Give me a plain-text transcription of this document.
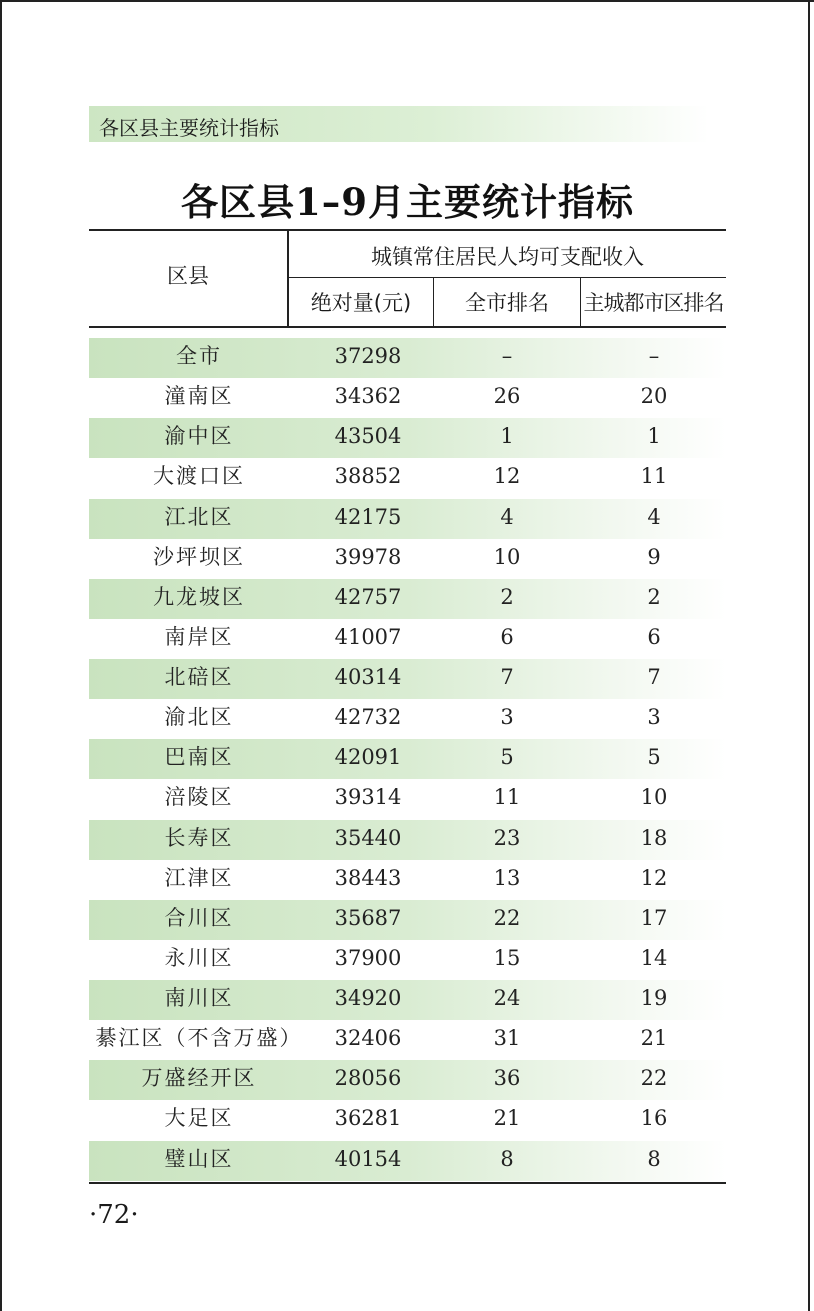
各区县主要统计指标
各区县1–9月主要统计指标
区县
城镇常住居民人均可支配收入
绝对量(元)	全市排名	主城都市区排名
全市	37298	–	–
潼南区	34362	26	20
渝中区	43504	1	1
大渡口区	38852	12	11
江北区	42175	4	4
沙坪坝区	39978	10	9
九龙坡区	42757	2	2
南岸区	41007	6	6
北碚区	40314	7	7
渝北区	42732	3	3
巴南区	42091	5	5
涪陵区	39314	11	10
长寿区	35440	23	18
江津区	38443	13	12
合川区	35687	22	17
永川区	37900	15	14
南川区	34920	24	19
綦江区（不含万盛）	32406	31	21
万盛经开区	28056	36	22
大足区	36281	21	16
璧山区	40154	8	8
·72·
